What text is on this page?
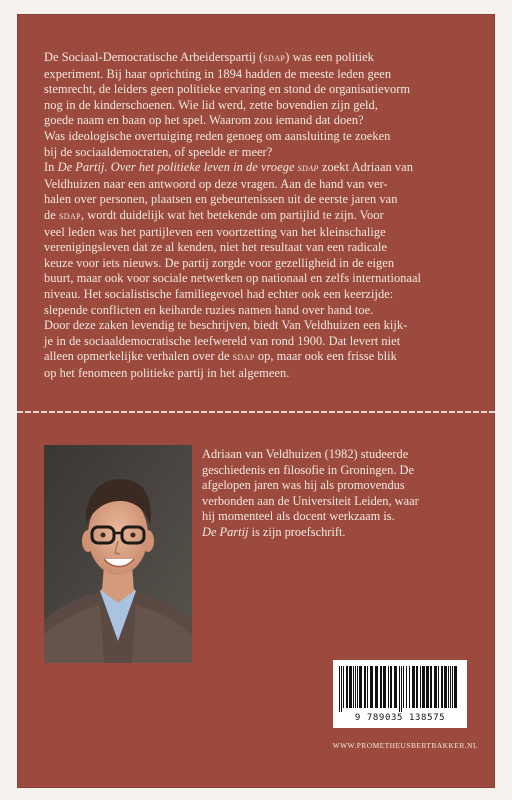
De Sociaal-Democratische Arbeiderspartij (sdap) was een politiek

experiment. Bij haar oprichting in 1894 hadden de meeste leden geen

stemrecht, de leiders geen politieke ervaring en stond de organisatievorm

nog in de kinderschoenen. Wie lid werd, zette bovendien zijn geld,

goede naam en baan op het spel. Waarom zou iemand dat doen?

Was ideologische overtuiging reden genoeg om aansluiting te zoeken

bij de sociaaldemocraten, of speelde er meer?

In De Partij. Over het politieke leven in de vroege sdap zoekt Adriaan van

Veldhuizen naar een antwoord op deze vragen. Aan de hand van ver-

halen over personen, plaatsen en gebeurtenissen uit de eerste jaren van

de sdap, wordt duidelijk wat het betekende om partijlid te zijn. Voor

veel leden was het partijleven een voortzetting van het kleinschalige

verenigingsleven dat ze al kenden, niet het resultaat van een radicale

keuze voor iets nieuws. De partij zorgde voor gezelligheid in de eigen

buurt, maar ook voor sociale netwerken op nationaal en zelfs internationaal

niveau. Het socialistische familiegevoel had echter ook een keerzijde:

slepende conflicten en keiharde ruzies namen hand over hand toe.

Door deze zaken levendig te beschrijven, biedt Van Veldhuizen een kijk-

je in de sociaaldemocratische leefwereld van rond 1900. Dat levert niet

alleen opmerkelijke verhalen over de sdap op, maar ook een frisse blik

op het fenomeen politieke partij in het algemeen.

Adriaan van Veldhuizen (1982) studeerde

geschiedenis en filosofie in Groningen. De

afgelopen jaren was hij als promovendus

verbonden aan de Universiteit Leiden, waar

hij momenteel als docent werkzaam is.

De Partij is zijn proefschrift.

9 789035 138575
WWW.PROMETHEUSBERTBAKKER.NL
